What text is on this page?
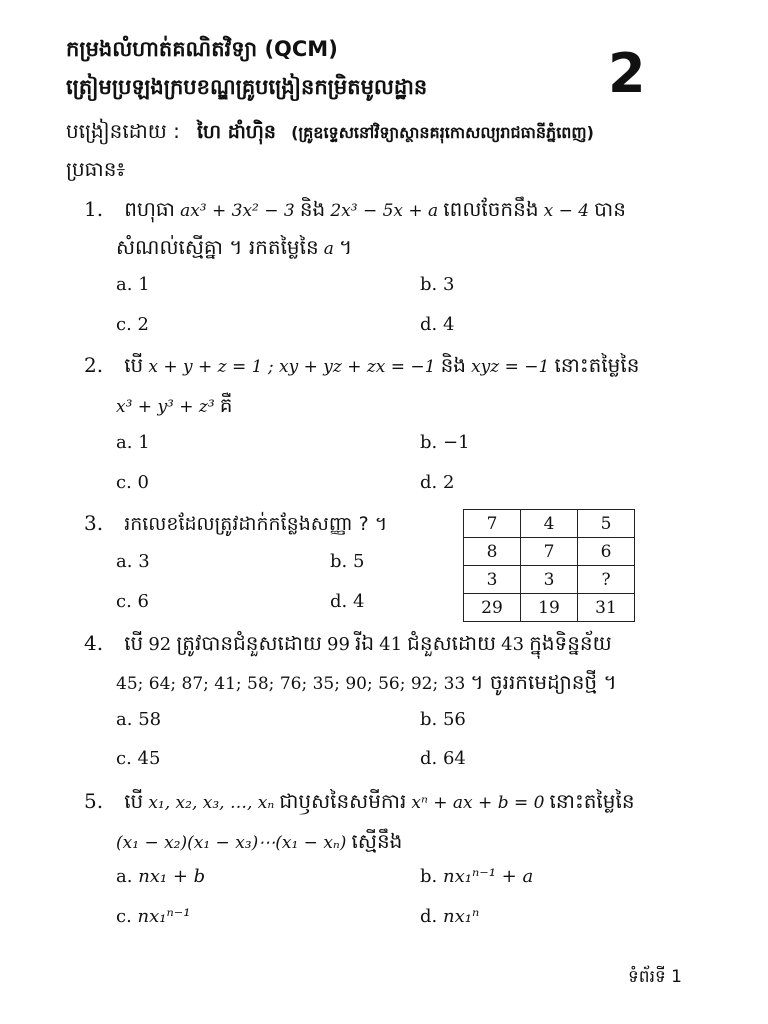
កម្រងលំហាត់គណិតវិទ្យា (QCM)
ត្រៀមប្រឡងក្របខណ្ឌគ្រូបង្រៀនកម្រិតមូលដ្ឋាន	2
បង្រៀនដោយ : ហៃ ដាំហ៊ិន (គ្រូឧទ្ទេសនៅវិទ្យាស្ថានគរុកោសល្យរាជធានីភ្នំពេញ)
ប្រធាន៖
1. ពហុធា ax³ + 3x² − 3 និង 2x³ − 5x + a ពេលចែកនឹង x − 4 បាន
សំណល់ស្មើគ្នា ។ រកតម្លៃនៃ a ។
a. 1	b. 3
c. 2	d. 4
2. បើ x + y + z = 1 ; xy + yz + zx = −1 និង xyz = −1 នោះតម្លៃនៃ
x³ + y³ + z³ គឺ
a. 1	b. −1
c. 0	d. 2
3. រកលេខដែលត្រូវដាក់កន្លែងសញ្ញា ? ។
a. 3	b. 5
c. 6	d. 4
7	4	5
8	7	6
3	3	?
29	19	31
4. បើ 92 ត្រូវបានជំនួសដោយ 99 រីឯ 41 ជំនួសដោយ 43 ក្នុងទិន្នន័យ
45; 64; 87; 41; 58; 76; 35; 90; 56; 92; 33 ។ ចូររកមេដ្យានថ្មី ។
a. 58	b. 56
c. 45	d. 64
5. បើ x₁, x₂, x₃, …, xₙ ជាឫសនៃសមីការ xⁿ + ax + b = 0 នោះតម្លៃនៃ
(x₁ − x₂)(x₁ − x₃)⋯(x₁ − xₙ) ស្មើនឹង
a. nx₁ + b	b. nx₁ⁿ⁻¹ + a
c. nx₁ⁿ⁻¹	d. nx₁ⁿ
ទំព័រទី 1
